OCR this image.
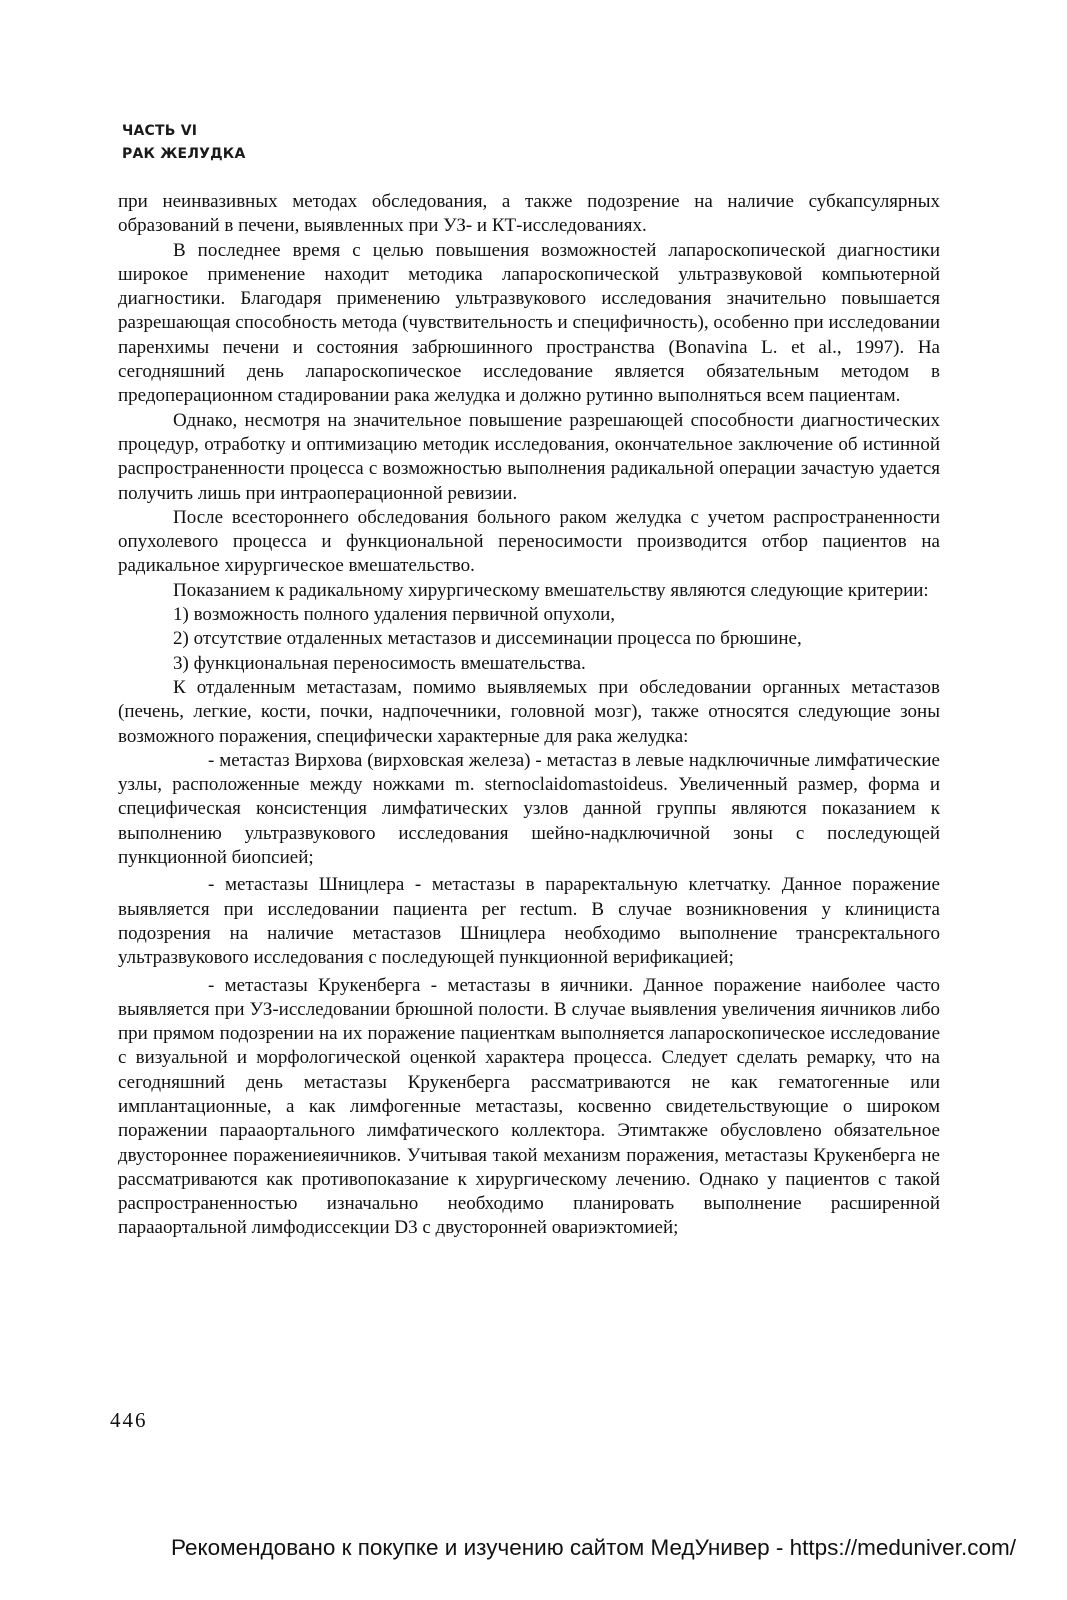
ЧАСТЬ VI
РАК ЖЕЛУДКА

при неинвазивных методах обследования, а также подозрение на наличие субкапсулярных образований в печени, выявленных при УЗ- и КТ-исследованиях.

В последнее время с целью повышения возможностей лапароскопической диагностики широкое применение находит методика лапароскопической ультразвуковой компьютерной диагностики. Благодаря применению ультразвукового исследования значительно повышается разрешающая способность метода (чувствительность и специфичность), особенно при исследовании паренхимы печени и состояния забрюшинного пространства (Bonavina L. et al., 1997). На сегодняшний день лапароскопическое исследование является обязательным методом в предоперационном стадировании рака желудка и должно рутинно выполняться всем пациентам.

Однако, несмотря на значительное повышение разрешающей способности диагностических процедур, отработку и оптимизацию методик исследования, окончательное заключение об истинной распространенности процесса с возможностью выполнения радикальной операции зачастую удается получить лишь при интраоперационной ревизии.

После всестороннего обследования больного раком желудка с учетом распространенности опухолевого процесса и функциональной переносимости производится отбор пациентов на радикальное хирургическое вмешательство.

Показанием к радикальному хирургическому вмешательству являются следующие критерии:

1) возможность полного удаления первичной опухоли,

2) отсутствие отдаленных метастазов и диссеминации процесса по брюшине,

3) функциональная переносимость вмешательства.

К отдаленным метастазам, помимо выявляемых при обследовании органных метастазов (печень, легкие, кости, почки, надпочечники, головной мозг), также относятся следующие зоны возможного поражения, специфически характерные для рака желудка:

- метастаз Вирхова (вирховская железа) - метастаз в левые надключичные лимфатические узлы, расположенные между ножками m. sternoclaidomastoideus. Увеличенный размер, форма и специфическая консистенция лимфатических узлов данной группы являются показанием к выполнению ультразвукового исследования шейно-надключичной зоны с последующей пункционной биопсией;

- метастазы Шницлера - метастазы в параректальную клетчатку. Данное поражение выявляется при исследовании пациента per rectum. В случае возникновения у клинициста подозрения на наличие метастазов Шницлера необходимо выполнение трансректального ультразвукового исследования с последующей пункционной верификацией;

- метастазы Крукенберга - метастазы в яичники. Данное поражение наиболее часто выявляется при УЗ-исследовании брюшной полости. В случае выявления увеличения яичников либо при прямом подозрении на их поражение пациенткам выполняется лапароскопическое исследование с визуальной и морфологической оценкой характера процесса. Следует сделать ремарку, что на сегодняшний день метастазы Крукенберга рассматриваются не как гематогенные или имплантационные, а как лимфогенные метастазы, косвенно свидетельствующие о широком поражении парааортального лимфатического коллектора. Этимтакже обусловлено обязательное двустороннее поражениеяичников. Учитывая такой механизм поражения, метастазы Крукенберга не рассматриваются как противопоказание к хирургическому лечению. Однако у пациентов с такой распространенностью изначально необходимо планировать выполнение расширенной парааортальной лимфодиссекции D3 с двусторонней овариэктомией;

446
Рекомендовано к покупке и изучению сайтом МедУнивер - https://meduniver.com/
